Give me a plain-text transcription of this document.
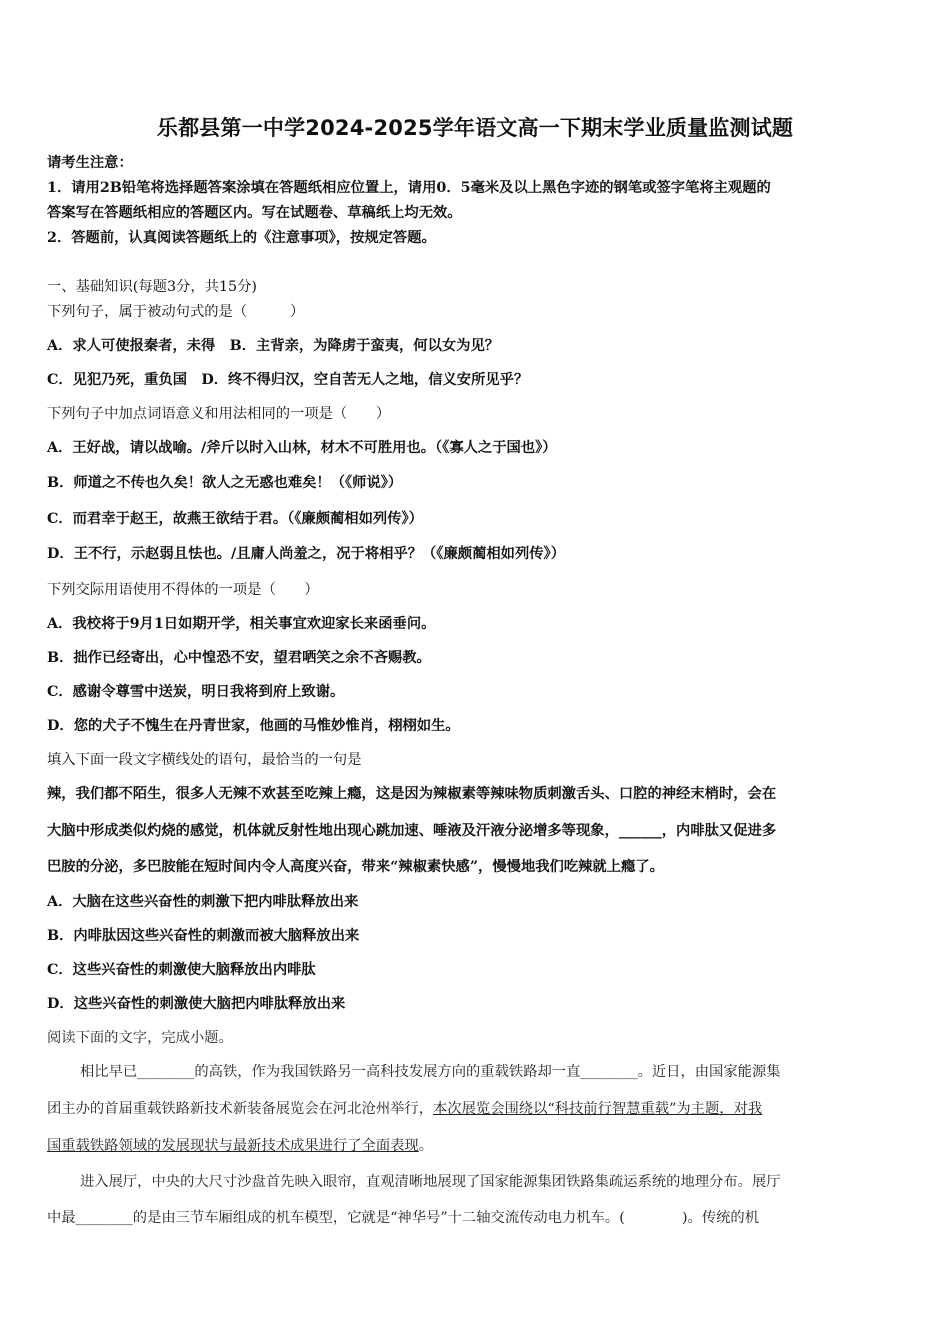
乐都县第一中学2024-2025学年语文高一下期末学业质量监测试题
请考生注意：
1．请用2B铅笔将选择题答案涂填在答题纸相应位置上，请用0．5毫米及以上黑色字迹的钢笔或签字笔将主观题的
答案写在答题纸相应的答题区内。写在试题卷、草稿纸上均无效。
2．答题前，认真阅读答题纸上的《注意事项》，按规定答题。
一、基础知识(每题3分，共15分)
下列句子，属于被动句式的是（　　　）
A．求人可使报秦者，未得　B．主背亲，为降虏于蛮夷，何以女为见？
C．见犯乃死，重负国　D．终不得归汉，空自苦无人之地，信义安所见乎？
下列句子中加点词语意义和用法相同的一项是（　　）
A．王好战，请以战喻。/斧斤以时入山林，材木不可胜用也。（《寡人之于国也》）
B．师道之不传也久矣！欲人之无惑也难矣！（《师说》）
C．而君幸于赵王，故燕王欲结于君。（《廉颇蔺相如列传》）
D．王不行，示赵弱且怯也。/且庸人尚羞之，况于将相乎？（《廉颇蔺相如列传》）
下列交际用语使用不得体的一项是（　　）
A．我校将于9月1日如期开学，相关事宜欢迎家长来函垂问。
B．拙作已经寄出，心中惶恐不安，望君哂笑之余不吝赐教。
C．感谢令尊雪中送炭，明日我将到府上致谢。
D．您的犬子不愧生在丹青世家，他画的马惟妙惟肖，栩栩如生。
填入下面一段文字横线处的语句，最恰当的一句是
辣，我们都不陌生，很多人无辣不欢甚至吃辣上瘾，这是因为辣椒素等辣味物质刺激舌头、口腔的神经末梢时，会在
大脑中形成类似灼烧的感觉，机体就反射性地出现心跳加速、唾液及汗液分泌增多等现象，______，内啡肽又促进多
巴胺的分泌，多巴胺能在短时间内令人高度兴奋，带来“辣椒素快感”，慢慢地我们吃辣就上瘾了。
A．大脑在这些兴奋性的刺激下把内啡肽释放出来
B．内啡肽因这些兴奋性的刺激而被大脑释放出来
C．这些兴奋性的刺激使大脑释放出内啡肽
D．这些兴奋性的刺激使大脑把内啡肽释放出来
阅读下面的文字，完成小题。
相比早已________的高铁，作为我国铁路另一高科技发展方向的重载铁路却一直________。近日，由国家能源集
团主办的首届重载铁路新技术新装备展览会在河北沧州举行，本次展览会围绕以“科技前行智慧重载”为主题，对我
国重载铁路领域的发展现状与最新技术成果进行了全面表现。
进入展厅，中央的大尺寸沙盘首先映入眼帘，直观清晰地展现了国家能源集团铁路集疏运系统的地理分布。展厅
中最________的是由三节车厢组成的机车模型，它就是“神华号”十二轴交流传动电力机车。(　　　　)。传统的机
